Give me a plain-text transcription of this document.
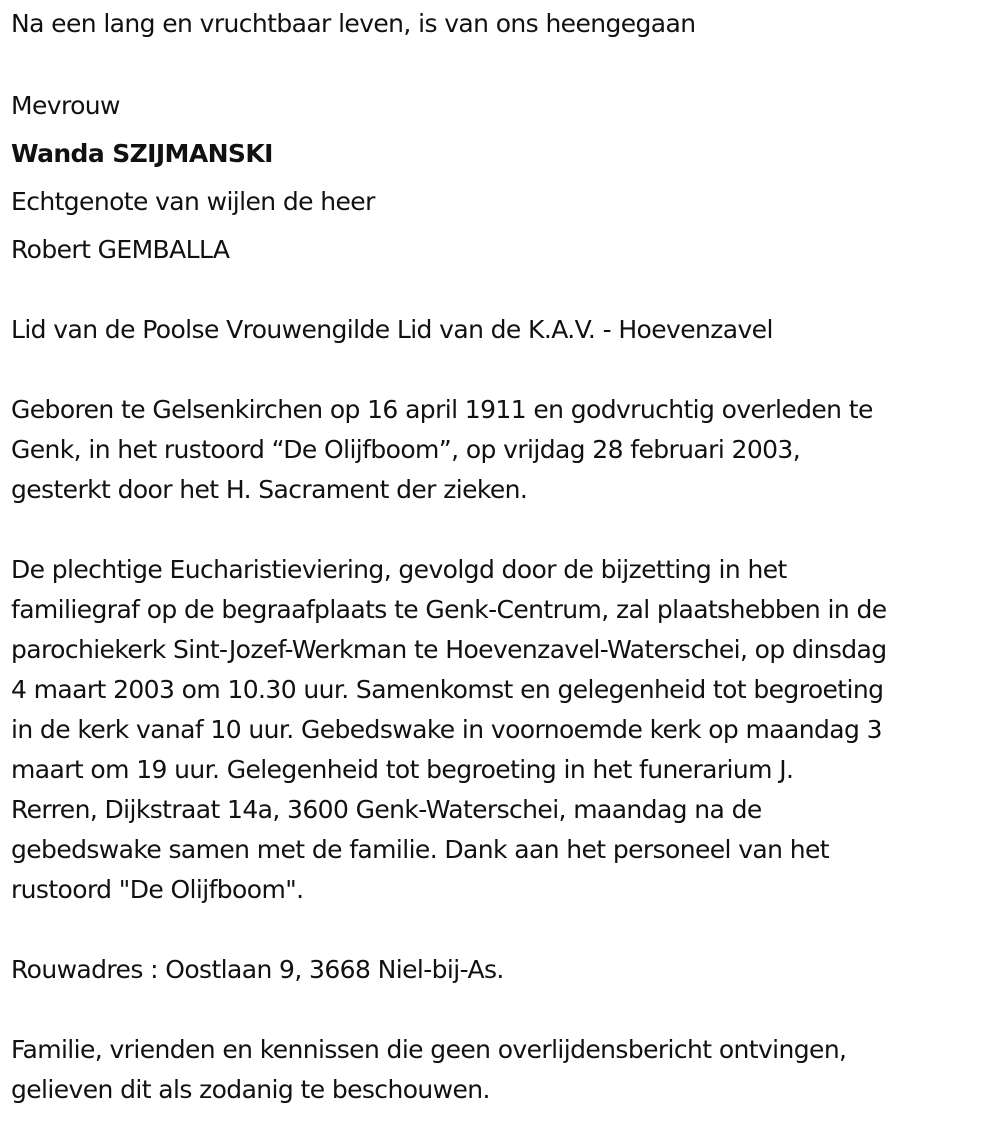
Na een lang en vruchtbaar leven, is van ons heengegaan
Mevrouw
Wanda SZIJMANSKI
Echtgenote van wijlen de heer
Robert GEMBALLA
Lid van de Poolse Vrouwengilde Lid van de K.A.V. - Hoevenzavel
Geboren te Gelsenkirchen op 16 april 1911 en godvruchtig overleden te
Genk, in het rustoord “De Olijfboom”, op vrijdag 28 februari 2003,
gesterkt door het H. Sacrament der zieken.
De plechtige Eucharistieviering, gevolgd door de bijzetting in het
familiegraf op de begraafplaats te Genk-Centrum, zal plaatshebben in de
parochiekerk Sint-Jozef-Werkman te Hoevenzavel-Waterschei, op dinsdag
4 maart 2003 om 10.30 uur. Samenkomst en gelegenheid tot begroeting
in de kerk vanaf 10 uur. Gebedswake in voornoemde kerk op maandag 3
maart om 19 uur. Gelegenheid tot begroeting in het funerarium J.
Rerren, Dijkstraat 14a, 3600 Genk-Waterschei, maandag na de
gebedswake samen met de familie. Dank aan het personeel van het
rustoord "De Olijfboom".
Rouwadres : Oostlaan 9, 3668 Niel-bij-As.
Familie, vrienden en kennissen die geen overlijdensbericht ontvingen,
gelieven dit als zodanig te beschouwen.
